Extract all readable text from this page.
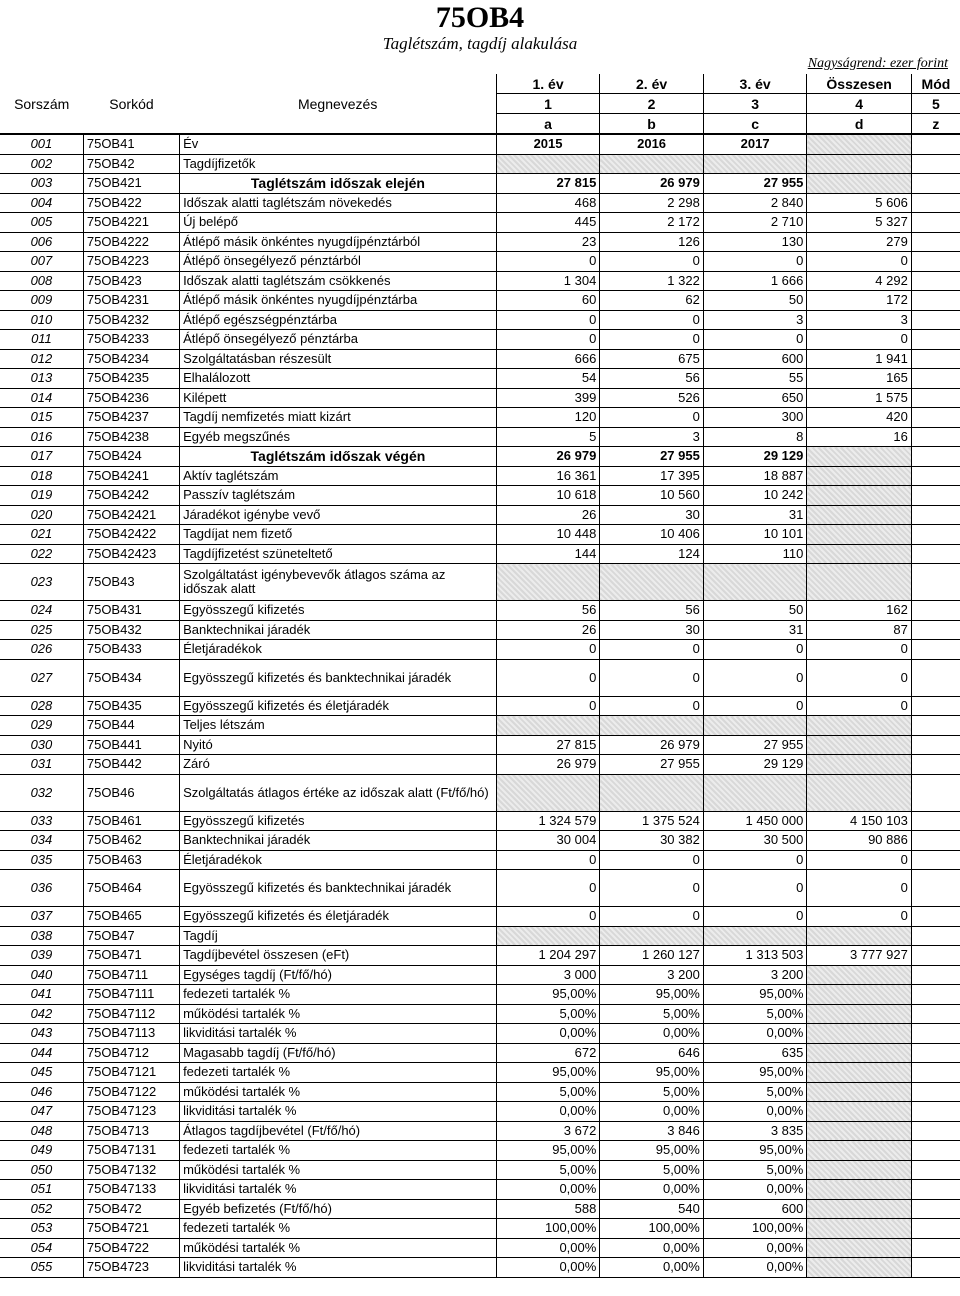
75OB4
Taglétszám, tagdíj alakulása
Nagyságrend: ezer forint
			1. év	2. év	3. év	Összesen	Mód
Sorszám	Sorkód	Megnevezés	1	2	3	4	5
			a	b	c	d	z
001	75OB41	Év	2015	2016	2017		
002	75OB42	Tagdíjfizetők					
003	75OB421	Taglétszám időszak elején	27 815	26 979	27 955		
004	75OB422	Időszak alatti taglétszám növekedés	468	2 298	2 840	5 606	
005	75OB4221	Új belépő	445	2 172	2 710	5 327	
006	75OB4222	Átlépő másik önkéntes nyugdíjpénztárból	23	126	130	279	
007	75OB4223	Átlépő önsegélyező pénztárból	0	0	0	0	
008	75OB423	Időszak alatti taglétszám csökkenés	1 304	1 322	1 666	4 292	
009	75OB4231	Átlépő másik önkéntes nyugdíjpénztárba	60	62	50	172	
010	75OB4232	Átlépő egészségpénztárba	0	0	3	3	
011	75OB4233	Átlépő önsegélyező pénztárba	0	0	0	0	
012	75OB4234	Szolgáltatásban részesült	666	675	600	1 941	
013	75OB4235	Elhalálozott	54	56	55	165	
014	75OB4236	Kilépett	399	526	650	1 575	
015	75OB4237	Tagdíj nemfizetés miatt kizárt	120	0	300	420	
016	75OB4238	Egyéb megszűnés	5	3	8	16	
017	75OB424	Taglétszám időszak végén	26 979	27 955	29 129		
018	75OB4241	Aktív taglétszám	16 361	17 395	18 887		
019	75OB4242	Passzív taglétszám	10 618	10 560	10 242		
020	75OB42421	Járadékot igénybe vevő	26	30	31		
021	75OB42422	Tagdíjat nem fizető	10 448	10 406	10 101		
022	75OB42423	Tagdíjfizetést szüneteltető	144	124	110		
023	75OB43	Szolgáltatást igénybevevők átlagos száma az időszak alatt					
024	75OB431	Egyösszegű kifizetés	56	56	50	162	
025	75OB432	Banktechnikai járadék	26	30	31	87	
026	75OB433	Életjáradékok	0	0	0	0	
027	75OB434	Egyösszegű kifizetés és banktechnikai járadék	0	0	0	0	
028	75OB435	Egyösszegű kifizetés és életjáradék	0	0	0	0	
029	75OB44	Teljes létszám					
030	75OB441	Nyitó	27 815	26 979	27 955		
031	75OB442	Záró	26 979	27 955	29 129		
032	75OB46	Szolgáltatás átlagos értéke az időszak alatt (Ft/fő/hó)					
033	75OB461	Egyösszegű kifizetés	1 324 579	1 375 524	1 450 000	4 150 103	
034	75OB462	Banktechnikai járadék	30 004	30 382	30 500	90 886	
035	75OB463	Életjáradékok	0	0	0	0	
036	75OB464	Egyösszegű kifizetés és banktechnikai járadék	0	0	0	0	
037	75OB465	Egyösszegű kifizetés és életjáradék	0	0	0	0	
038	75OB47	Tagdíj					
039	75OB471	Tagdíjbevétel összesen (eFt)	1 204 297	1 260 127	1 313 503	3 777 927	
040	75OB4711	Egységes tagdíj (Ft/fő/hó)	3 000	3 200	3 200		
041	75OB47111	fedezeti tartalék %	95,00%	95,00%	95,00%		
042	75OB47112	működési tartalék %	5,00%	5,00%	5,00%		
043	75OB47113	likviditási tartalék %	0,00%	0,00%	0,00%		
044	75OB4712	Magasabb tagdíj (Ft/fő/hó)	672	646	635		
045	75OB47121	fedezeti tartalék %	95,00%	95,00%	95,00%		
046	75OB47122	működési tartalék %	5,00%	5,00%	5,00%		
047	75OB47123	likviditási tartalék %	0,00%	0,00%	0,00%		
048	75OB4713	Átlagos tagdíjbevétel (Ft/fő/hó)	3 672	3 846	3 835		
049	75OB47131	fedezeti tartalék %	95,00%	95,00%	95,00%		
050	75OB47132	működési tartalék %	5,00%	5,00%	5,00%		
051	75OB47133	likviditási tartalék %	0,00%	0,00%	0,00%		
052	75OB472	Egyéb befizetés (Ft/fő/hó)	588	540	600		
053	75OB4721	fedezeti tartalék %	100,00%	100,00%	100,00%		
054	75OB4722	működési tartalék %	0,00%	0,00%	0,00%		
055	75OB4723	likviditási tartalék %	0,00%	0,00%	0,00%		
